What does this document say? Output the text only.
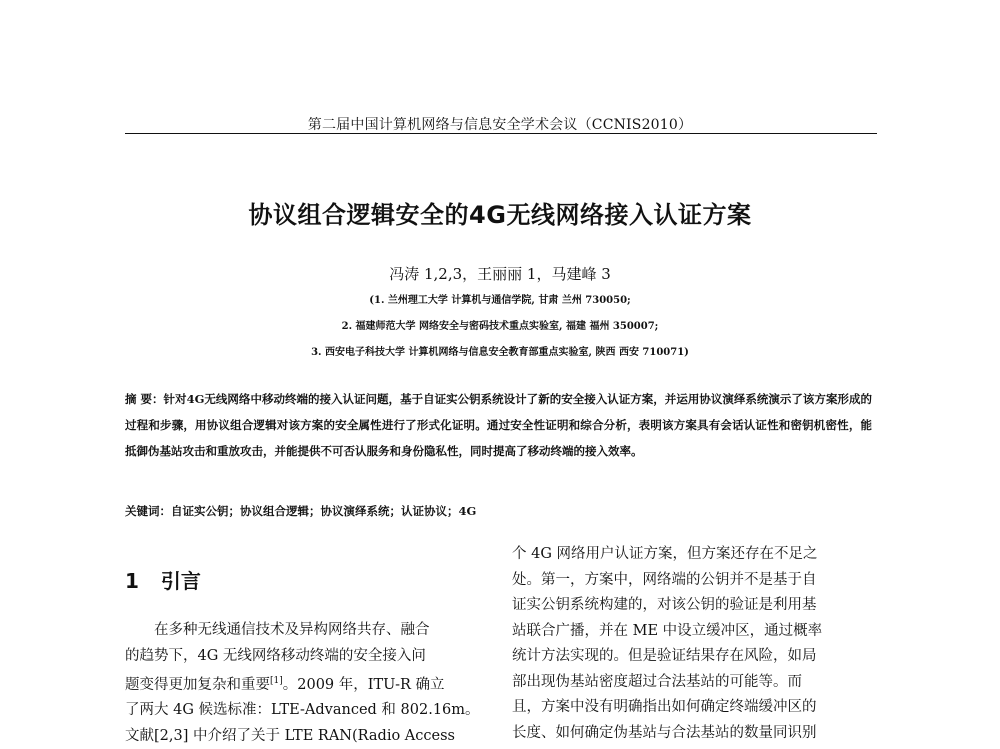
第二届中国计算机网络与信息安全学术会议（CCNIS2010）
协议组合逻辑安全的4G无线网络接入认证方案
冯涛 1,2,3，王丽丽 1，马建峰 3
(1. 兰州理工大学 计算机与通信学院, 甘肃 兰州 730050;
2. 福建师范大学 网络安全与密码技术重点实验室, 福建 福州 350007;
3. 西安电子科技大学 计算机网络与信息安全教育部重点实验室, 陕西 西安 710071)
摘 要：针对4G无线网络中移动终端的接入认证问题，基于自证实公钥系统设计了新的安全接入认证方案，并运用协议演绎系统演示了该方案形成的过程和步骤，用协议组合逻辑对该方案的安全属性进行了形式化证明。通过安全性证明和综合分析，表明该方案具有会话认证性和密钥机密性，能抵御伪基站攻击和重放攻击，并能提供不可否认服务和身份隐私性，同时提高了移动终端的接入效率。
关键词：自证实公钥；协议组合逻辑；协议演绎系统；认证协议；4G
1 引言
在多种无线通信技术及异构网络共存、融合
的趋势下，4G 无线网络移动终端的安全接入问
题变得更加复杂和重要[1]。2009 年，ITU-R 确立
了两大 4G 候选标准：LTE-Advanced 和 802.16m。
文献[2,3] 中介绍了关于 LTE RAN(Radio Access
个 4G 网络用户认证方案，但方案还存在不足之
处。第一，方案中，网络端的公钥并不是基于自
证实公钥系统构建的，对该公钥的验证是利用基
站联合广播，并在 ME 中设立缓冲区，通过概率
统计方法实现的。但是验证结果存在风险，如局
部出现伪基站密度超过合法基站的可能等。而
且，方案中没有明确指出如何确定终端缓冲区的
长度、如何确定伪基站与合法基站的数量同识别
